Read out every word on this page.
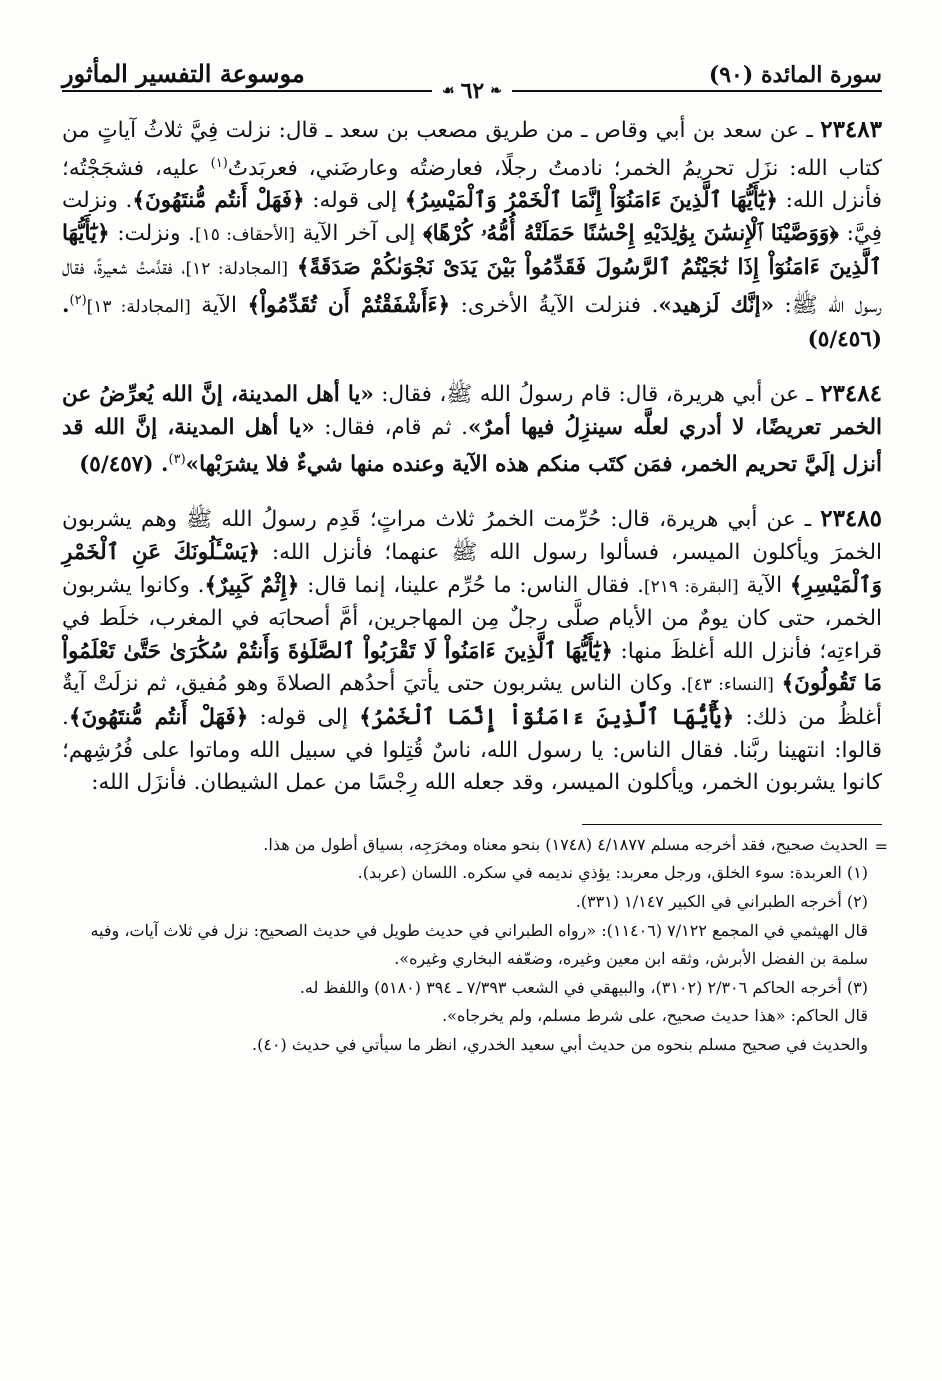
سورة المائدة (٩٠)
❧
٦٢
☙
موسوعة التفسير المأثور

٢٣٤٨٣ ـ عن سعد بن أبي وقاص ـ من طريق مصعب بن سعد ـ قال: نزلت فِيَّ ثلاثُ آياتٍ من كتاب الله: نزَل تحريمُ الخمر؛ نادمتُ رجلًا، فعارضتُه وعارضَني، فعربَدتُ$^{(١)}$ عليه، فشجَجْتُه؛ فأنزل الله: ﴿يَٰٓأَيُّهَا ٱلَّذِينَ ءَامَنُوٓاْ إِنَّمَا ٱلْخَمْرُ وَٱلْمَيْسِرُ﴾ إلى قوله: ﴿فَهَلْ أَنتُم مُّنتَهُونَ﴾. ونزلت فِيَّ: ﴿وَوَصَّيْنَا ٱلْإِنسَٰنَ بِوَٰلِدَيْهِ إِحْسَٰنًا حَمَلَتْهُ أُمُّهُۥ كُرْهًا﴾ إلى آخر الآية [الأحقاف: ١٥]. ونزلت: ﴿يَٰٓأَيُّهَا ٱلَّذِينَ ءَامَنُوٓاْ إِذَا نَٰجَيْتُمُ ٱلرَّسُولَ فَقَدِّمُواْ بَيْنَ يَدَىْ نَجْوَىٰكُمْ صَدَقَةً﴾ [المجادلة: ١٢]، فقدَّمتُ شعيرةً، فقال رسول الله ﷺ: «إنَّك لَزهيد». فنزلت الآيةُ الأخرى: ﴿ءَأَشْفَقْتُمْ أَن تُقَدِّمُواْ﴾ الآية [المجادلة: ١٣]$^{(٢)}$. (٥/٤٥٦)

٢٣٤٨٤ ـ عن أبي هريرة، قال: قام رسولُ الله ﷺ، فقال: «يا أهل المدينة، إنَّ الله يُعرِّضُ عن الخمر تعريضًا، لا أدري لعلَّه سينزِلُ فيها أمرٌ». ثم قام، فقال: «يا أهل المدينة، إنَّ الله قد أنزل إلَيَّ تحريم الخمر، فمَن كتَب منكم هذه الآية وعنده منها شيءٌ فلا يشرَبْها»$^{(٣)}$. (٥/٤٥٧)

٢٣٤٨٥ ـ عن أبي هريرة، قال: حُرِّمت الخمرُ ثلاث مراتٍ؛ قَدِم رسولُ الله ﷺ وهم يشربون الخمرَ ويأكلون الميسر، فسألوا رسول الله ﷺ عنهما؛ فأنزل الله: ﴿يَسْـَٔلُونَكَ عَنِ ٱلْخَمْرِ وَٱلْمَيْسِرِ﴾ الآية [البقرة: ٢١٩]. فقال الناس: ما حُرِّم علينا، إنما قال: ﴿إِثْمٌ كَبِيرٌ﴾. وكانوا يشربون الخمر، حتى كان يومٌ من الأيام صلَّى رجلٌ مِن المهاجرين، أمَّ أصحابَه في المغرب، خلَط في قراءتِه؛ فأنزل الله أغلظَ منها: ﴿يَٰٓأَيُّهَا ٱلَّذِينَ ءَامَنُواْ لَا تَقْرَبُواْ ٱلصَّلَوٰةَ وَأَنتُمْ سُكَٰرَىٰ حَتَّىٰ تَعْلَمُواْ مَا تَقُولُونَ﴾ [النساء: ٤٣]. وكان الناس يشربون حتى يأتيَ أحدُهم الصلاةَ وهو مُفيق، ثم نزلَتْ آيةٌ أغلظُ من ذلك: ﴿يَٰٓأَيُّهَا ٱلَّذِينَ ءَامَنُوٓاْ إِنَّمَا ٱلْخَمْرُ﴾ إلى قوله: ﴿فَهَلْ أَنتُم مُّنتَهُونَ﴾. قالوا: انتهينا ربَّنا. فقال الناس: يا رسول الله، ناسٌ قُتِلوا في سبيل الله وماتوا على فُرُشِهم؛ كانوا يشربون الخمر، ويأكلون الميسر، وقد جعله الله رِجْسًا من عمل الشيطان. فأنزَل الله:

=

الحديث صحيح، فقد أخرجه مسلم ٤/١٨٧٧ (١٧٤٨) بنحو معناه ومخرَجِه، بسياق أطول من هذا.

(١) العربدة: سوء الخلق، ورجل معربد: يؤذي نديمه في سكره. اللسان (عربد).

(٢) أخرجه الطبراني في الكبير ١/١٤٧ (٣٣١).

قال الهيثمي في المجمع ٧/١٢٢ (١١٤٠٦): «رواه الطبراني في حديث طويل في حديث الصحيح: نزل في ثلاث آيات، وفيه سلمة بن الفضل الأبرش، وثقه ابن معين وغيره، وضعّفه البخاري وغيره».

(٣) أخرجه الحاكم ٢/٣٠٦ (٣١٠٢)، والبيهقي في الشعب ٧/٣٩٣ ـ ٣٩٤ (٥١٨٠) واللفظ له.

قال الحاكم: «هذا حديث صحيح، على شرط مسلم، ولم يخرجاه».

والحديث في صحيح مسلم بنحوه من حديث أبي سعيد الخدري، انظر ما سيأتي في حديث (٤٠).
